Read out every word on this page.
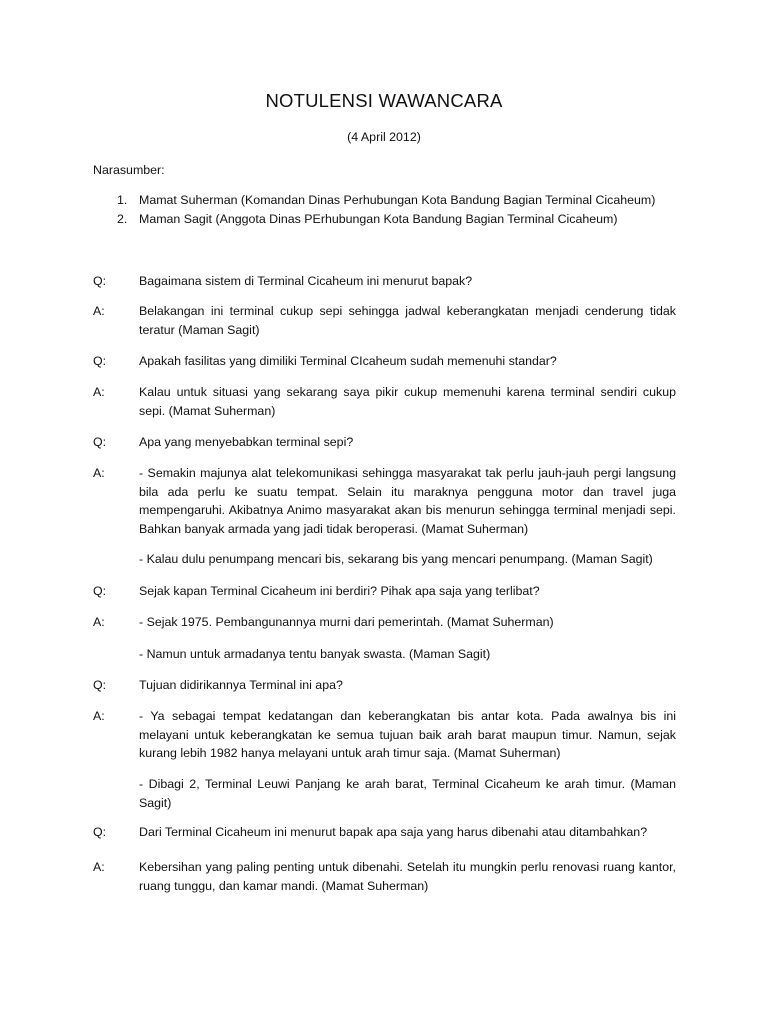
NOTULENSI WAWANCARA
(4 April 2012)
Narasumber:
1. Mamat Suherman (Komandan Dinas Perhubungan Kota Bandung Bagian Terminal Cicaheum)
2. Maman Sagit (Anggota Dinas PErhubungan Kota Bandung Bagian Terminal Cicaheum)
Q:	Bagaimana sistem di Terminal Cicaheum ini menurut bapak?
A:	Belakangan ini terminal cukup sepi sehingga jadwal keberangkatan menjadi cenderung tidak teratur (Maman Sagit)
Q:	Apakah fasilitas yang dimiliki Terminal CIcaheum sudah memenuhi standar?
A:	Kalau untuk situasi yang sekarang saya pikir cukup memenuhi karena terminal sendiri cukup sepi. (Mamat Suherman)
Q:	Apa yang menyebabkan terminal sepi?
A:	- Semakin majunya alat telekomunikasi sehingga masyarakat tak perlu jauh-jauh pergi langsung bila ada perlu ke suatu tempat. Selain itu maraknya pengguna motor dan travel juga mempengaruhi. Akibatnya Animo masyarakat akan bis menurun sehingga terminal menjadi sepi. Bahkan banyak armada yang jadi tidak beroperasi. (Mamat Suherman)
- Kalau dulu penumpang mencari bis, sekarang bis yang mencari penumpang. (Maman Sagit)
Q:	Sejak kapan Terminal Cicaheum ini berdiri? Pihak apa saja yang terlibat?
A:	- Sejak 1975. Pembangunannya murni dari pemerintah. (Mamat Suherman)
- Namun untuk armadanya tentu banyak swasta. (Maman Sagit)
Q:	Tujuan didirikannya Terminal ini apa?
A:	- Ya sebagai tempat kedatangan dan keberangkatan bis antar kota. Pada awalnya bis ini melayani untuk keberangkatan ke semua tujuan baik arah barat maupun timur. Namun, sejak kurang lebih 1982 hanya melayani untuk arah timur saja. (Mamat Suherman)
- Dibagi 2, Terminal Leuwi Panjang ke arah barat, Terminal Cicaheum ke arah timur. (Maman Sagit)
Q:	Dari Terminal Cicaheum ini menurut bapak apa saja yang harus dibenahi atau ditambahkan?
A:	Kebersihan yang paling penting untuk dibenahi. Setelah itu mungkin perlu renovasi ruang kantor, ruang tunggu, dan kamar mandi. (Mamat Suherman)
